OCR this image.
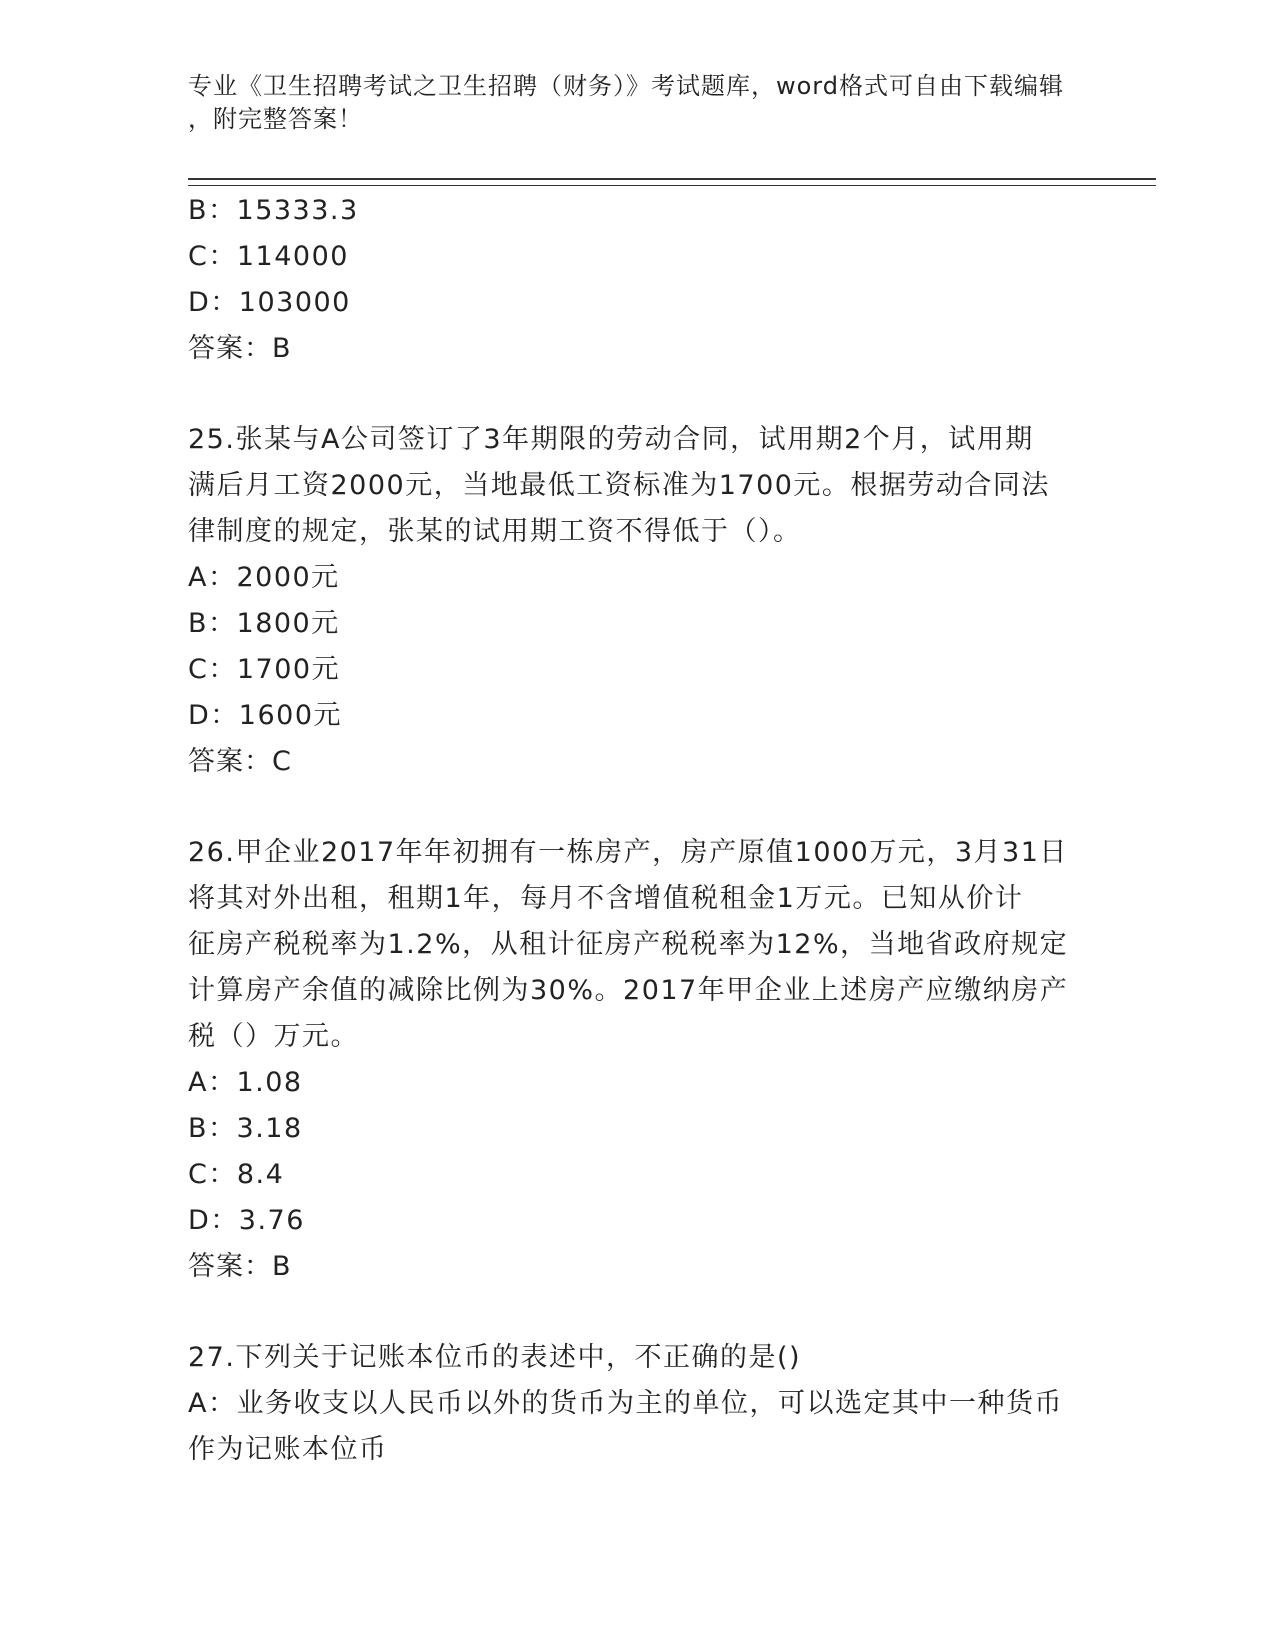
专业《卫生招聘考试之卫生招聘（财务）》考试题库，word格式可自由下载编辑
，附完整答案！

B：15333.3

C：114000

D：103000

答案：B

25.张某与A公司签订了3年期限的劳动合同，试用期2个月，试用期

满后月工资2000元，当地最低工资标准为1700元。根据劳动合同法

律制度的规定，张某的试用期工资不得低于（）。

A：2000元

B：1800元

C：1700元

D：1600元

答案：C

26.甲企业2017年年初拥有一栋房产，房产原值1000万元，3月31日

将其对外出租，租期1年，每月不含增值税租金1万元。已知从价计

征房产税税率为1.2%，从租计征房产税税率为12%，当地省政府规定

计算房产余值的减除比例为30%。2017年甲企业上述房产应缴纳房产

税（）万元。

A：1.08

B：3.18

C：8.4

D：3.76

答案：B

27.下列关于记账本位币的表述中，不正确的是()

A：业务收支以人民币以外的货币为主的单位，可以选定其中一种货币

作为记账本位币
